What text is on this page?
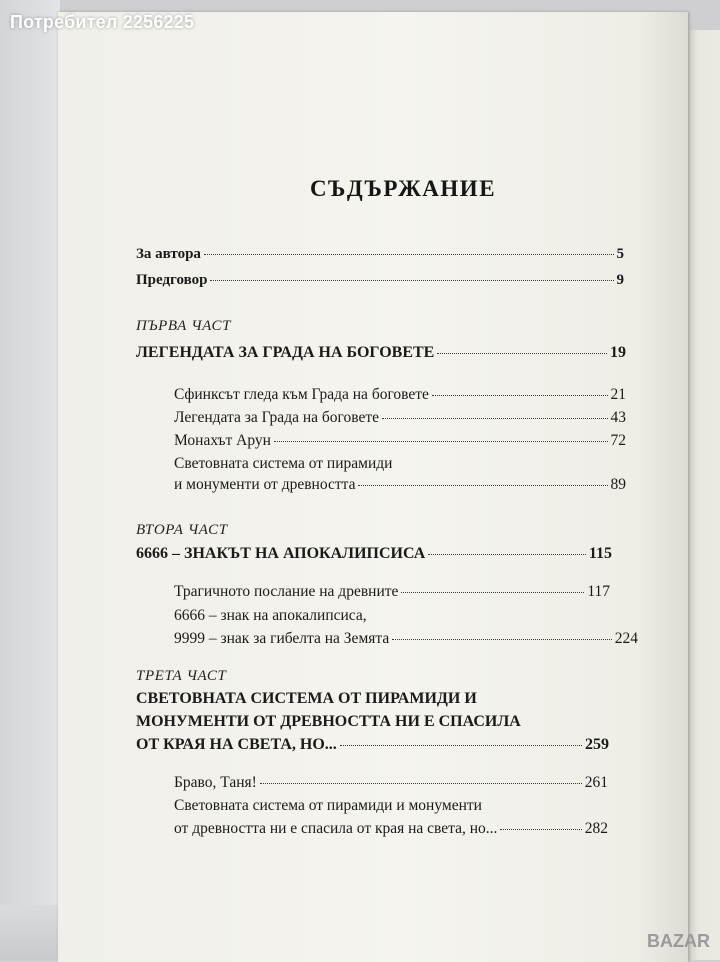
СЪДЪРЖАНИЕ
За автора	5
Предговор	9
ПЪРВА ЧАСТ
ЛЕГЕНДАТА ЗА ГРАДА НА БОГОВЕТЕ	19
Сфинксът гледа към Града на боговете	21
Легендата за Града на боговете	43
Монахът Арун	72
Световната система от пирамиди
и монументи от древността	89
ВТОРА ЧАСТ
6666 – ЗНАКЪТ НА АПОКАЛИПСИСА	115
Трагичното послание на древните	117
6666 – знак на апокалипсиса,
9999 – знак за гибелта на Земята	224
ТРЕТА ЧАСТ
СВЕТОВНАТА СИСТЕМА ОТ ПИРАМИДИ И
МОНУМЕНТИ ОТ ДРЕВНОСТТА НИ Е СПАСИЛА
ОТ КРАЯ НА СВЕТА, НО...	259
Браво, Таня!	261
Световната система от пирамиди и монументи
от древността ни е спасила от края на света, но...	282
Потребител 2256225
BAZAR
